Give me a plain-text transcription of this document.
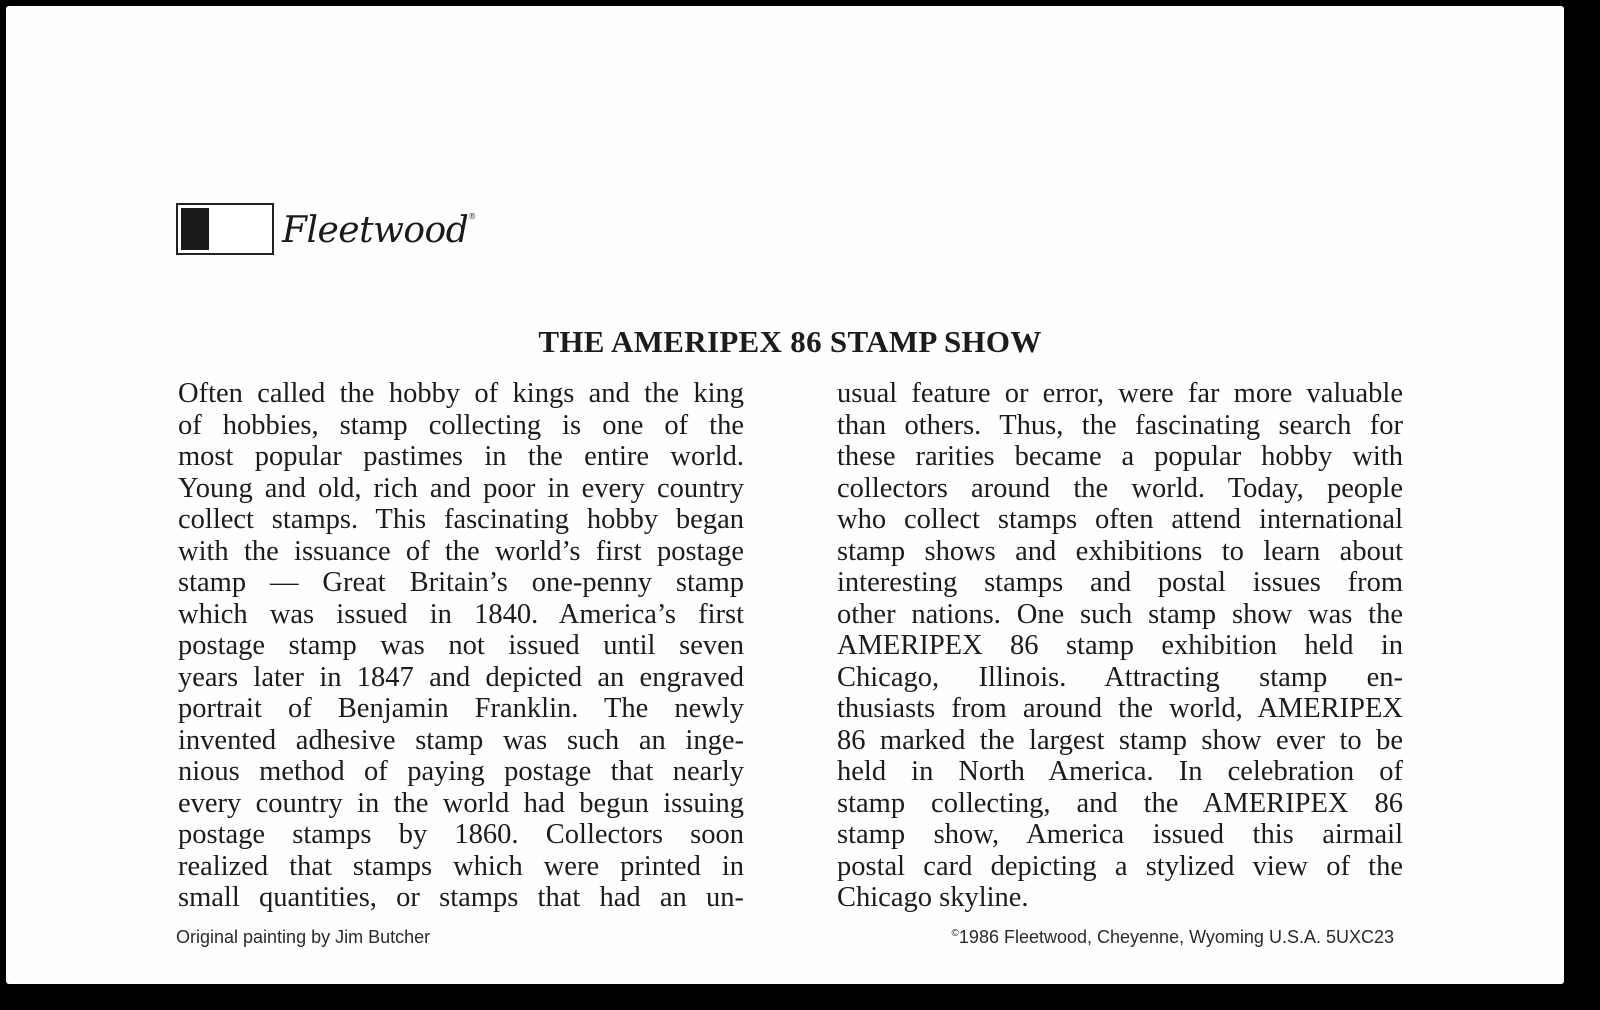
Fleetwood ®
THE AMERIPEX 86 STAMP SHOW
Often called the hobby of kings and the king
of hobbies, stamp collecting is one of the
most popular pastimes in the entire world.
Young and old, rich and poor in every country
collect stamps. This fascinating hobby began
with the issuance of the world’s first postage
stamp — Great Britain’s one-penny stamp
which was issued in 1840. America’s first
postage stamp was not issued until seven
years later in 1847 and depicted an engraved
portrait of Benjamin Franklin. The newly
invented adhesive stamp was such an inge-
nious method of paying postage that nearly
every country in the world had begun issuing
postage stamps by 1860. Collectors soon
realized that stamps which were printed in
small quantities, or stamps that had an un-
usual feature or error, were far more valuable
than others. Thus, the fascinating search for
these rarities became a popular hobby with
collectors around the world. Today, people
who collect stamps often attend international
stamp shows and exhibitions to learn about
interesting stamps and postal issues from
other nations. One such stamp show was the
AMERIPEX 86 stamp exhibition held in
Chicago, Illinois. Attracting stamp en-
thusiasts from around the world, AMERIPEX
86 marked the largest stamp show ever to be
held in North America. In celebration of
stamp collecting, and the AMERIPEX 86
stamp show, America issued this airmail
postal card depicting a stylized view of the
Chicago skyline.
Original painting by Jim Butcher	©1986 Fleetwood, Cheyenne, Wyoming U.S.A. 5UXC23
